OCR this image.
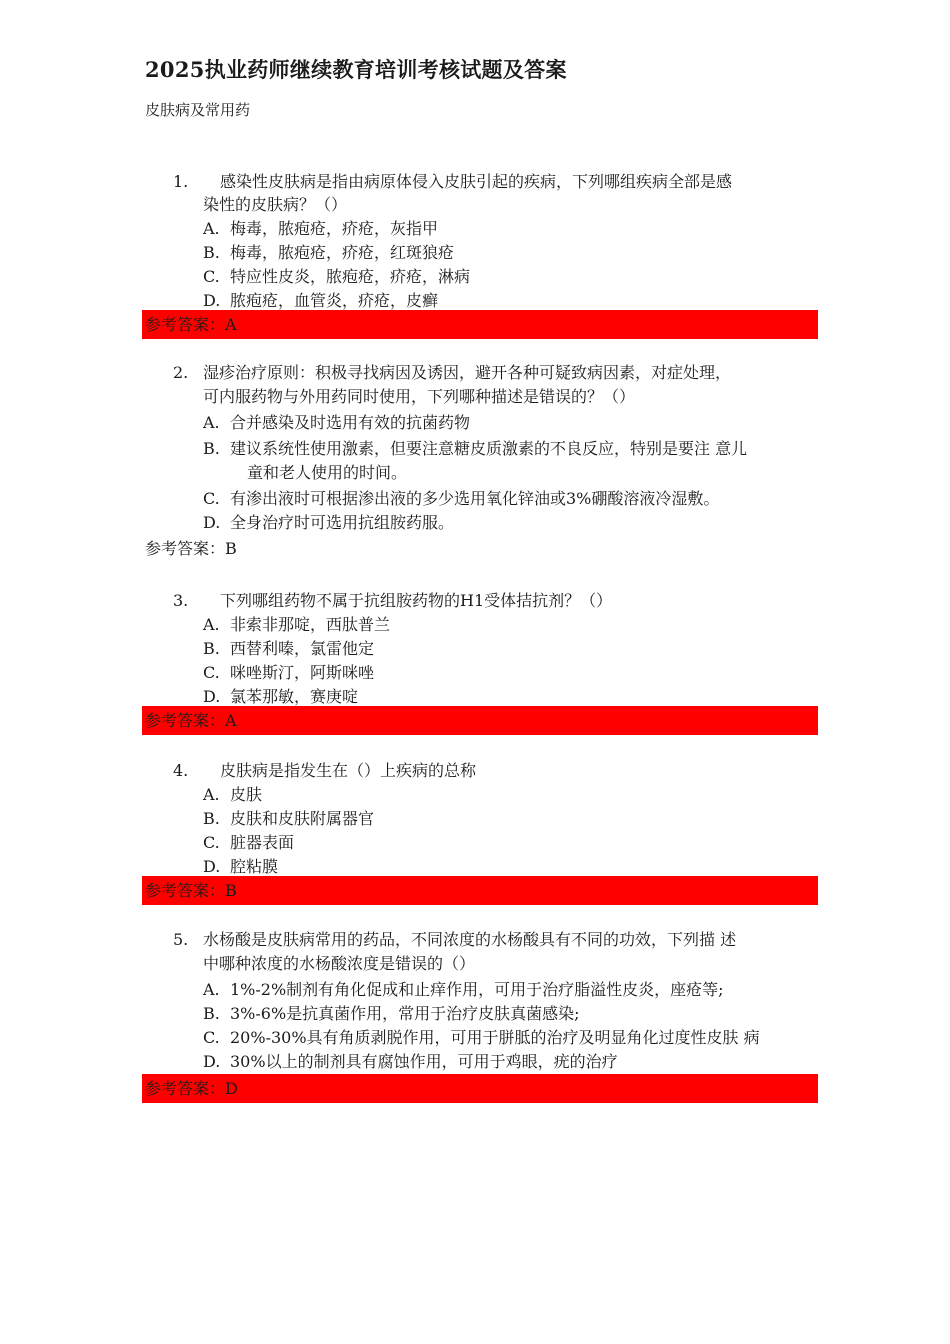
2025执业药师继续教育培训考核试题及答案
皮肤病及常用药
1. 感染性皮肤病是指由病原体侵入皮肤引起的疾病，下列哪组疾病全部是感
染性的皮肤病？（）
A. 梅毒，脓疱疮，疥疮，灰指甲
B. 梅毒，脓疱疮，疥疮，红斑狼疮
C. 特应性皮炎，脓疱疮，疥疮，淋病
D. 脓疱疮，血管炎，疥疮，皮癣
参考答案：A
2. 湿疹治疗原则：积极寻找病因及诱因，避开各种可疑致病因素，对症处理，
可内服药物与外用药同时使用，下列哪种描述是错误的？（）
A. 合并感染及时选用有效的抗菌药物
B. 建议系统性使用激素，但要注意糖皮质激素的不良反应，特别是要注 意儿
童和老人使用的时间。
C. 有渗出液时可根据渗出液的多少选用氧化锌油或3%硼酸溶液冷湿敷。
D. 全身治疗时可选用抗组胺药服。
参考答案：B
3. 下列哪组药物不属于抗组胺药物的H1受体拮抗剂？（）
A. 非索非那啶，西肽普兰
B. 西替利嗪，氯雷他定
C. 咪唑斯汀，阿斯咪唑
D. 氯苯那敏，赛庚啶
参考答案：A
4. 皮肤病是指发生在（）上疾病的总称
A. 皮肤
B. 皮肤和皮肤附属器官
C. 脏器表面
D. 腔粘膜
参考答案：B
5. 水杨酸是皮肤病常用的药品，不同浓度的水杨酸具有不同的功效，下列描 述
中哪种浓度的水杨酸浓度是错误的（）
A. 1%-2%制剂有角化促成和止痒作用，可用于治疗脂溢性皮炎，座疮等;
B. 3%-6%是抗真菌作用，常用于治疗皮肤真菌感染;
C. 20%-30%具有角质剥脱作用，可用于胼胝的治疗及明显角化过度性皮肤 病
D. 30%以上的制剂具有腐蚀作用，可用于鸡眼，疣的治疗
参考答案：D
